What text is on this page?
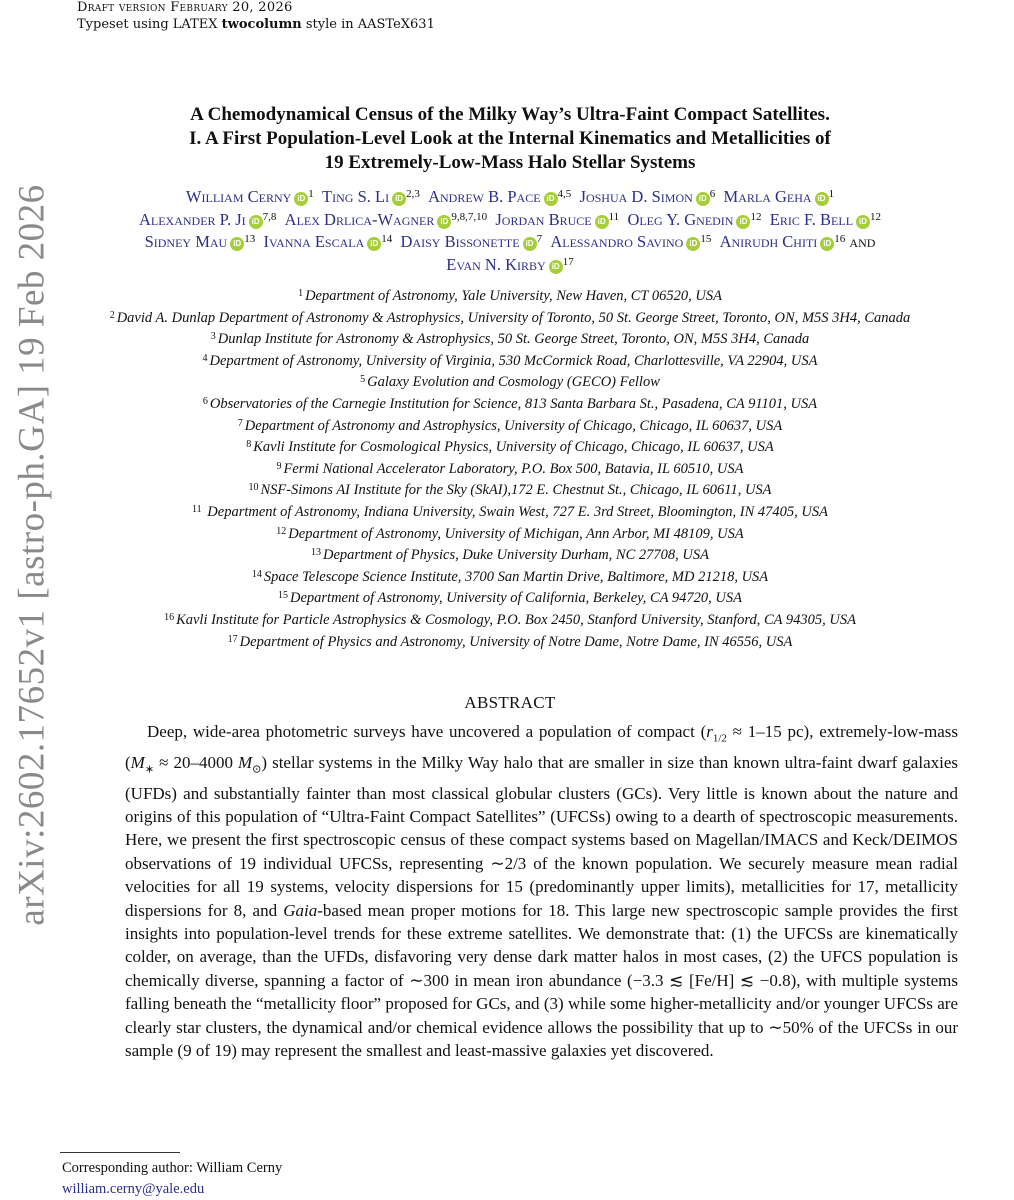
arXiv:2602.17652v1 [astro-ph.GA] 19 Feb 2026
Draft version February 20, 2026
Typeset using LATEX twocolumn style in AASTeX631
A Chemodynamical Census of the Milky Way’s Ultra-Faint Compact Satellites.
I. A First Population-Level Look at the Internal Kinematics and Metallicities of
19 Extremely-Low-Mass Halo Stellar Systems
William Cerny iD $^1$ Ting S. Li iD $^{2,3}$ Andrew B. Pace iD $^{4,5}$ Joshua D. Simon iD $^6$ Marla Geha iD $^1$
Alexander P. Ji iD $^{7,8}$ Alex Drlica-Wagner iD $^{9,8,7,10}$ Jordan Bruce iD $^{11}$ Oleg Y. Gnedin iD $^{12}$ Eric F. Bell iD $^{12}$
Sidney Mau iD $^{13}$ Ivanna Escala iD $^{14}$ Daisy Bissonette iD $^7$ Alessandro Savino iD $^{15}$ Anirudh Chiti iD $^{16}$ and
Evan N. Kirby iD $^{17}$
$^1$ Department of Astronomy, Yale University, New Haven, CT 06520, USA
$^2$ David A. Dunlap Department of Astronomy & Astrophysics, University of Toronto, 50 St. George Street, Toronto, ON, M5S 3H4, Canada
$^3$ Dunlap Institute for Astronomy & Astrophysics, 50 St. George Street, Toronto, ON, M5S 3H4, Canada
$^4$ Department of Astronomy, University of Virginia, 530 McCormick Road, Charlottesville, VA 22904, USA
$^5$ Galaxy Evolution and Cosmology (GECO) Fellow
$^6$ Observatories of the Carnegie Institution for Science, 813 Santa Barbara St., Pasadena, CA 91101, USA
$^7$ Department of Astronomy and Astrophysics, University of Chicago, Chicago, IL 60637, USA
$^8$ Kavli Institute for Cosmological Physics, University of Chicago, Chicago, IL 60637, USA
$^9$ Fermi National Accelerator Laboratory, P.O. Box 500, Batavia, IL 60510, USA
$^{10}$ NSF-Simons AI Institute for the Sky (SkAI),172 E. Chestnut St., Chicago, IL 60611, USA
$^{11}$ Department of Astronomy, Indiana University, Swain West, 727 E. 3rd Street, Bloomington, IN 47405, USA
$^{12}$ Department of Astronomy, University of Michigan, Ann Arbor, MI 48109, USA
$^{13}$ Department of Physics, Duke University Durham, NC 27708, USA
$^{14}$ Space Telescope Science Institute, 3700 San Martin Drive, Baltimore, MD 21218, USA
$^{15}$ Department of Astronomy, University of California, Berkeley, CA 94720, USA
$^{16}$ Kavli Institute for Particle Astrophysics & Cosmology, P.O. Box 2450, Stanford University, Stanford, CA 94305, USA
$^{17}$ Department of Physics and Astronomy, University of Notre Dame, Notre Dame, IN 46556, USA
ABSTRACT
Deep, wide-area photometric surveys have uncovered a population of compact ($r_{1/2} \approx 1-15$ pc), extremely-low-mass ($M_∗ \approx 20-4000$ $M_⊙$) stellar systems in the Milky Way halo that are smaller in size than known ultra-faint dwarf galaxies (UFDs) and substantially fainter than most classical globular clusters (GCs). Very little is known about the nature and origins of this population of “Ultra-Faint Compact Satellites” (UFCSs) owing to a dearth of spectroscopic measurements. Here, we present the first spectroscopic census of these compact systems based on Magellan/IMACS and Keck/DEIMOS observations of 19 individual UFCSs, representing ∼2/3 of the known population. We securely measure mean radial velocities for all 19 systems, velocity dispersions for 15 (predominantly upper limits), metallicities for 17, metallicity dispersions for 8, and Gaia-based mean proper motions for 18. This large new spectroscopic sample provides the first insights into population-level trends for these extreme satellites. We demonstrate that: (1) the UFCSs are kinematically colder, on average, than the UFDs, disfavoring very dense dark matter halos in most cases, (2) the UFCS population is chemically diverse, spanning a factor of ∼300 in mean iron abundance (−3.3 ≲ [Fe/H] ≲ −0.8), with multiple systems falling beneath the “metallicity floor” proposed for GCs, and (3) while some higher-metallicity and/or younger UFCSs are clearly star clusters, the dynamical and/or chemical evidence allows the possibility that up to ∼50% of the UFCSs in our sample (9 of 19) may represent the smallest and least-massive galaxies yet discovered.
Corresponding author: William Cerny
william.cerny@yale.edu
